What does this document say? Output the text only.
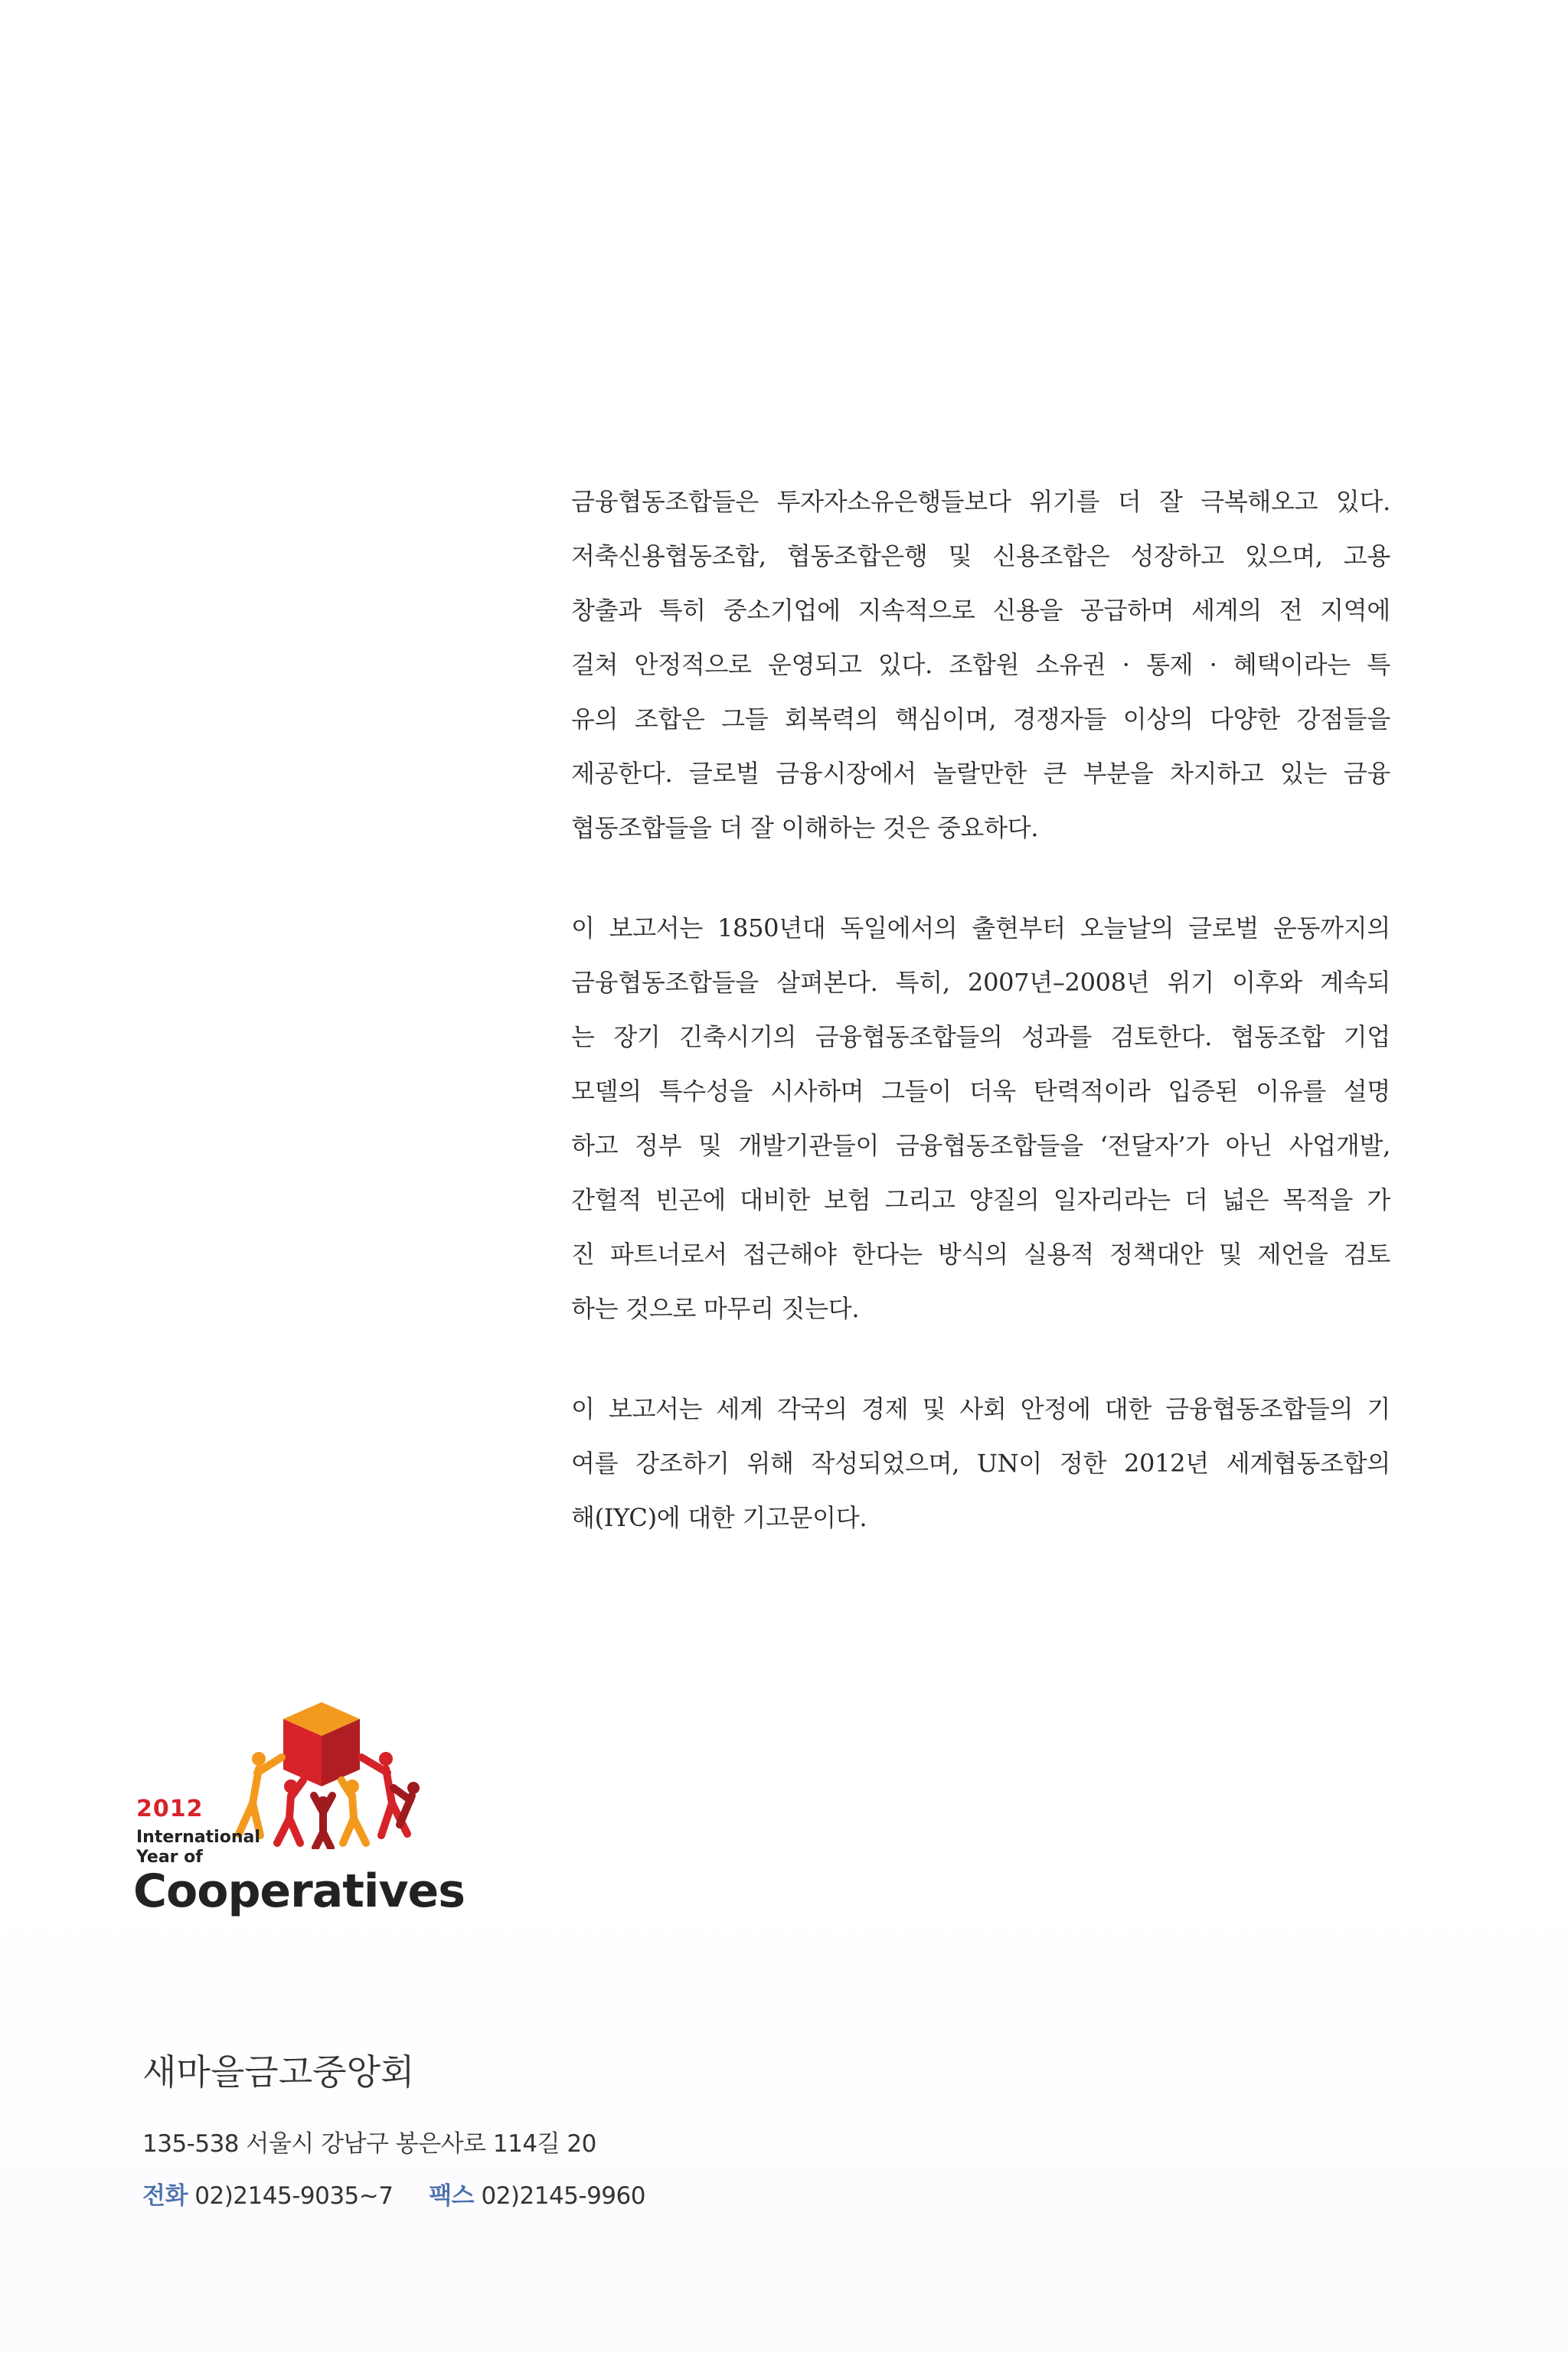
금융협동조합들은 투자자소유은행들보다 위기를 더 잘 극복해오고 있다.
저축신용협동조합, 협동조합은행 및 신용조합은 성장하고 있으며, 고용
창출과 특히 중소기업에 지속적으로 신용을 공급하며 세계의 전 지역에
걸쳐 안정적으로 운영되고 있다. 조합원 소유권 · 통제 · 혜택이라는 특
유의 조합은 그들 회복력의 핵심이며, 경쟁자들 이상의 다양한 강점들을
제공한다. 글로벌 금융시장에서 놀랄만한 큰 부분을 차지하고 있는 금융
협동조합들을 더 잘 이해하는 것은 중요하다.

이 보고서는 1850년대 독일에서의 출현부터 오늘날의 글로벌 운동까지의
금융협동조합들을 살펴본다. 특히, 2007년–2008년 위기 이후와 계속되
는 장기 긴축시기의 금융협동조합들의 성과를 검토한다. 협동조합 기업
모델의 특수성을 시사하며 그들이 더욱 탄력적이라 입증된 이유를 설명
하고 정부 및 개발기관들이 금융협동조합들을 ‘전달자’가 아닌 사업개발,
간헐적 빈곤에 대비한 보험 그리고 양질의 일자리라는 더 넓은 목적을 가
진 파트너로서 접근해야 한다는 방식의 실용적 정책대안 및 제언을 검토
하는 것으로 마무리 짓는다.

이 보고서는 세계 각국의 경제 및 사회 안정에 대한 금융협동조합들의 기
여를 강조하기 위해 작성되었으며, UN이 정한 2012년 세계협동조합의
해(IYC)에 대한 기고문이다.

2012
International
Year of
Cooperatives
새마을금고중앙회
135-538 서울시 강남구 봉은사로 114길 20
전화 02)2145-9035~7 팩스 02)2145-9960
